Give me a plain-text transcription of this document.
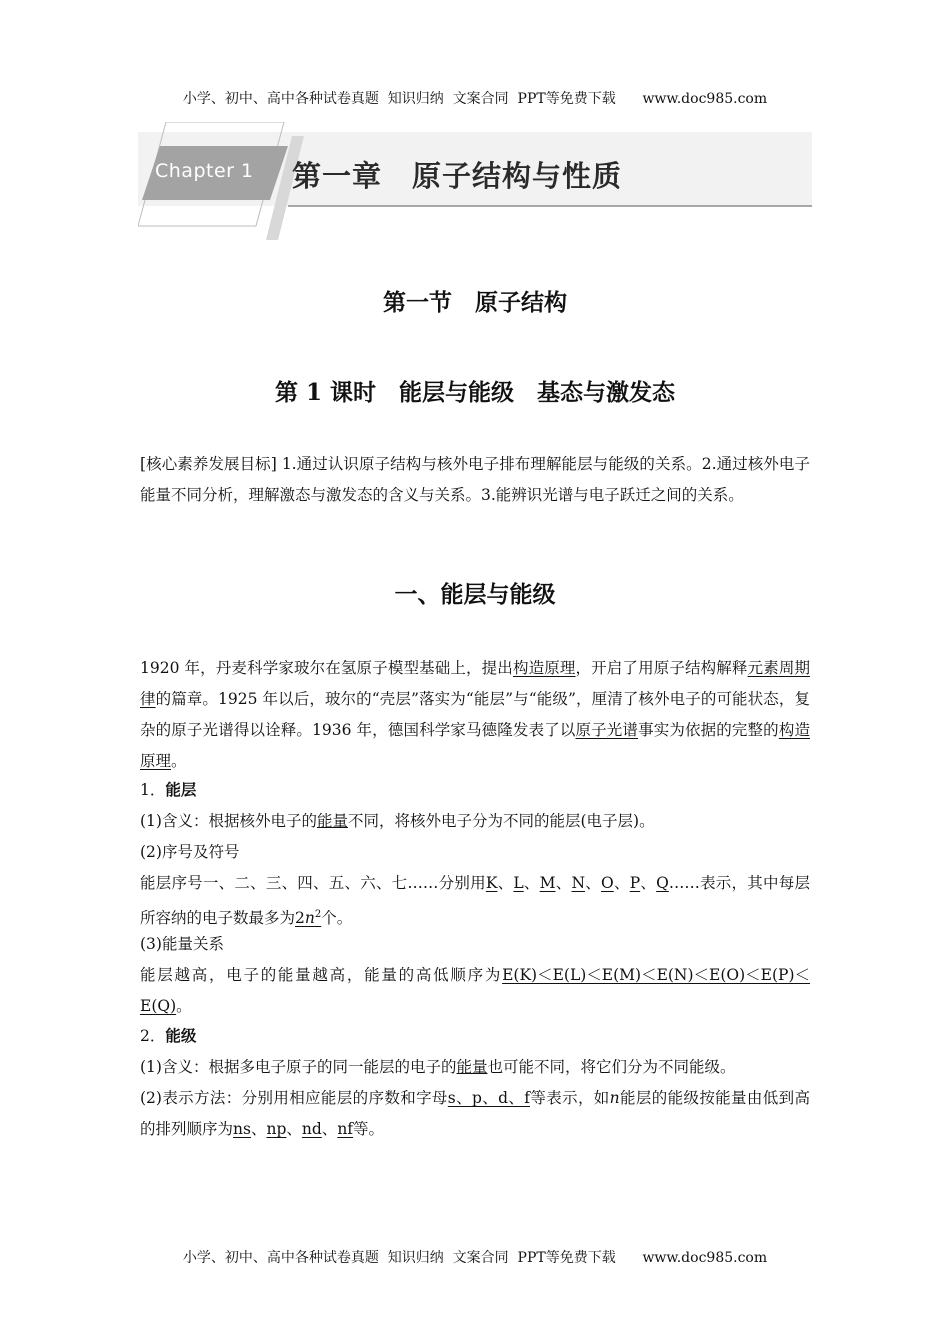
小学、初中、高中各种试卷真题  知识归纳  文案合同  PPT等免费下载      www.doc985.com
Chapter 1 第一章　原子结构与性质
第一节　原子结构
第 1 课时　能层与能级　基态与激发态

[核心素养发展目标] 1.通过认识原子结构与核外电子排布理解能层与能级的关系。2.通过核外电子能量不同分析，理解激态与激发态的含义与关系。3.能辨识光谱与电子跃迁之间的关系。

一、能层与能级

1920 年，丹麦科学家玻尔在氢原子模型基础上，提出构造原理，开启了用原子结构解释元素周期律的篇章。1925 年以后，玻尔的“壳层”落实为“能层”与“能级”，厘清了核外电子的可能状态，复杂的原子光谱得以诠释。1936 年，德国科学家马德隆发表了以原子光谱事实为依据的完整的构造原理。

1．能层

(1)含义：根据核外电子的能量不同，将核外电子分为不同的能层(电子层)。

(2)序号及符号

能层序号一、二、三、四、五、六、七……分别用K、L、M、N、O、P、Q……表示，其中每层所容纳的电子数最多为$2n^2$个。

(3)能量关系

能层越高，电子的能量越高，能量的高低顺序为E(K)＜E(L)＜E(M)＜E(N)＜E(O)＜E(P)＜E(Q)。

2．能级

(1)含义：根据多电子原子的同一能层的电子的能量也可能不同，将它们分为不同能级。

(2)表示方法：分别用相应能层的序数和字母s、p、d、f等表示，如n能层的能级按能量由低到高的排列顺序为ns、np、nd、nf等。

小学、初中、高中各种试卷真题  知识归纳  文案合同  PPT等免费下载      www.doc985.com
